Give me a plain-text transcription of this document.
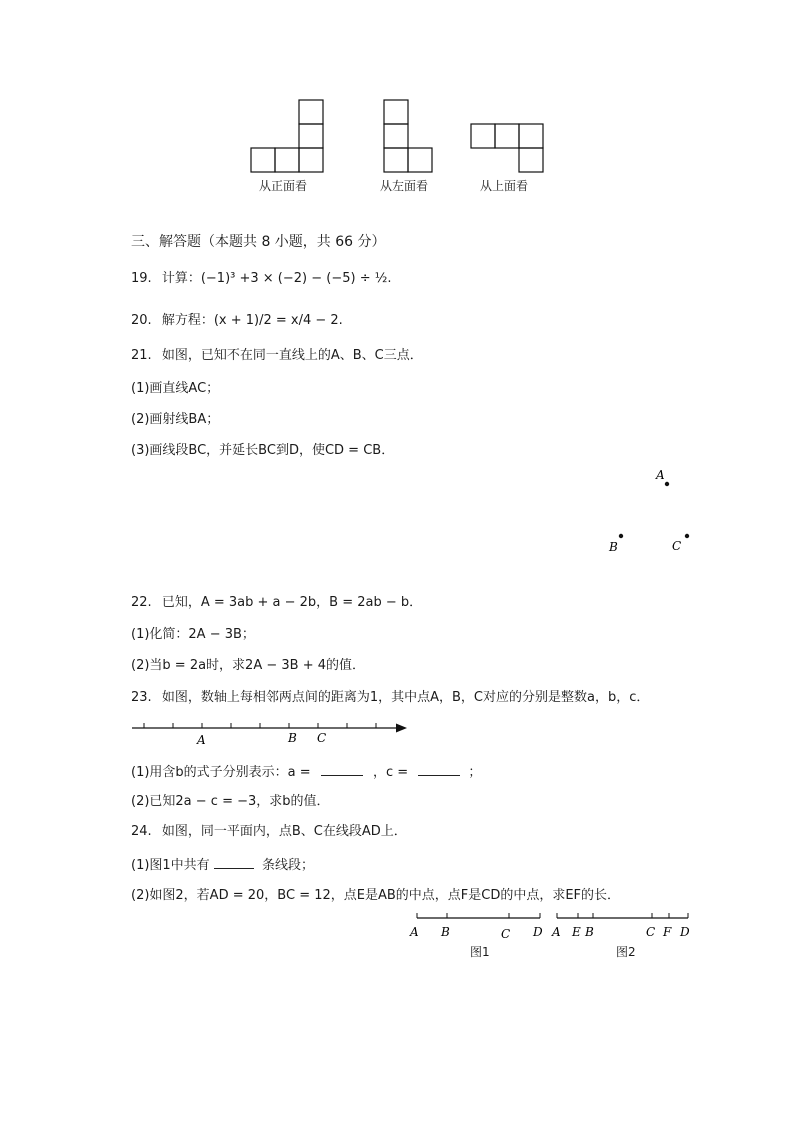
从正面看	从左面看	从上面看
三、解答题（本题共 8 小题，共 66 分）
19. 计算：(−1)³ +3 × (−2) − (−5) ÷ ½.
20. 解方程：(x + 1)/2 = x/4 − 2.
21. 如图，已知不在同一直线上的A、B、C三点．
(1)画直线AC；
(2)画射线BA；
(3)画线段BC，并延长BC到D，使CD = CB．
A
B	C
22. 已知，A = 3ab + a − 2b，B = 2ab − b．
(1)化简：2A − 3B；
(2)当b = 2a时，求2A − 3B + 4的值．
23. 如图，数轴上每相邻两点间的距离为1，其中点A，B，C对应的分别是整数a，b，c．
A	B C
(1)用含b的式子分别表示：a =	，c =	；
(2)已知2a − c = −3，求b的值．
24. 如图，同一平面内，点B、C在线段AD上．
(1)图1中共有	条线段；
(2)如图2，若AD = 20，BC = 12，点E是AB的中点，点F是CD的中点，求EF的长．
A B	C D
图1
A E B	C F D
图2
